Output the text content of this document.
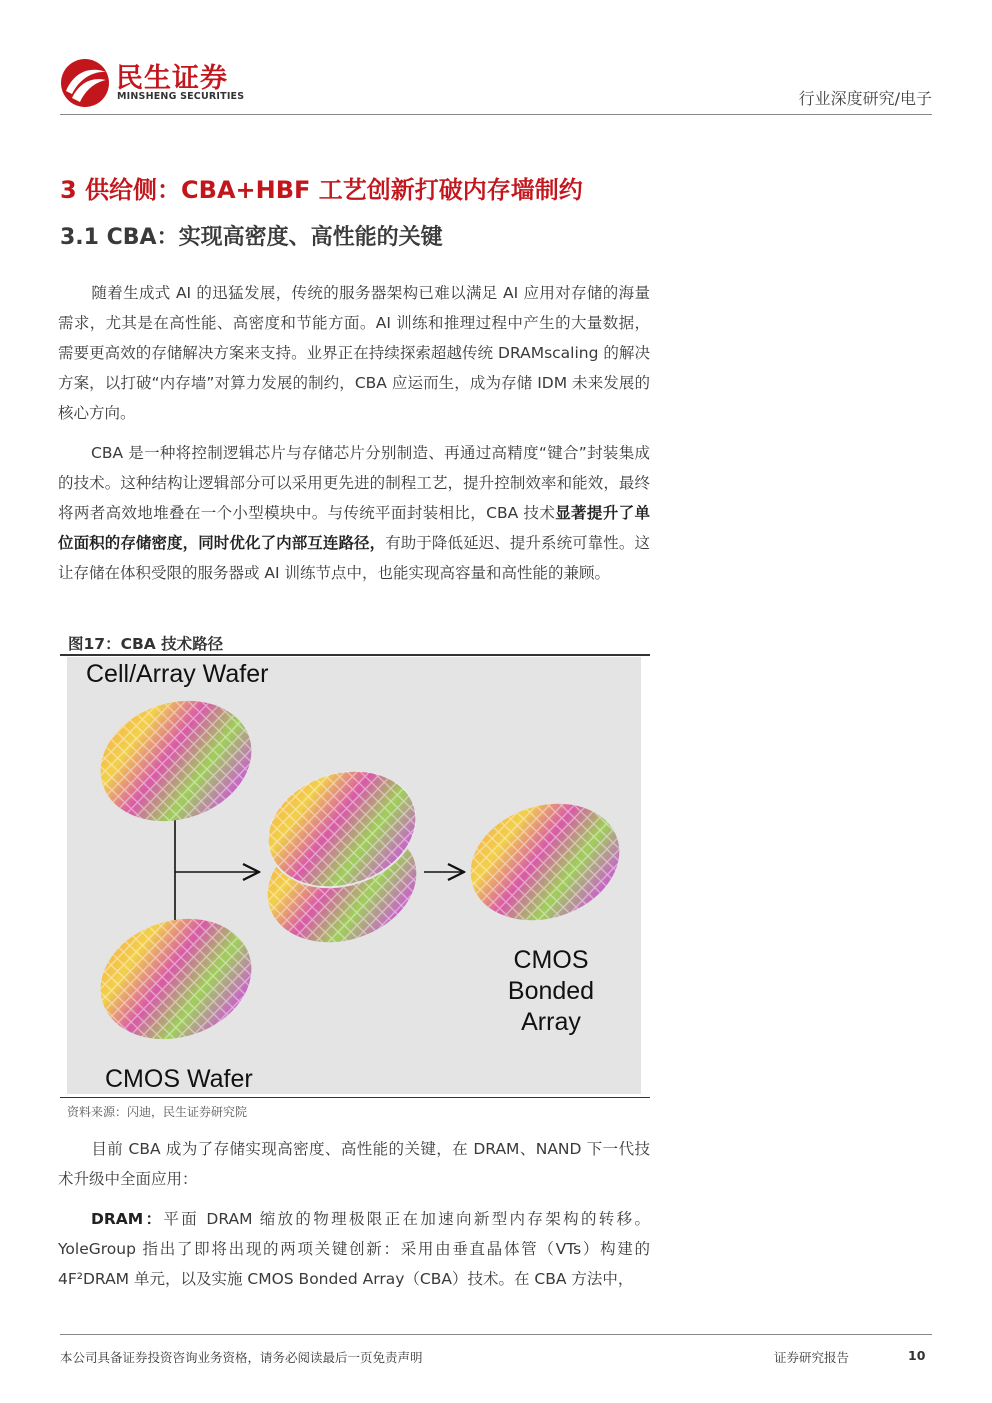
民生证券
MINSHENG SECURITIES	行业深度研究/电子
3 供给侧：CBA+HBF 工艺创新打破内存墙制约
3.1 CBA：实现高密度、高性能的关键
随着生成式 AI 的迅猛发展，传统的服务器架构已难以满足 AI 应用对存储的海量需求，尤其是在高性能、高密度和节能方面。AI 训练和推理过程中产生的大量数据，需要更高效的存储解决方案来支持。业界正在持续探索超越传统 DRAMscaling 的解决方案，以打破“内存墙”对算力发展的制约，CBA 应运而生，成为存储 IDM 未来发展的核心方向。
CBA 是一种将控制逻辑芯片与存储芯片分别制造、再通过高精度“键合”封装集成的技术。这种结构让逻辑部分可以采用更先进的制程工艺，提升控制效率和能效，最终将两者高效地堆叠在一个小型模块中。与传统平面封装相比，CBA 技术显著提升了单位面积的存储密度，同时优化了内部互连路径，有助于降低延迟、提升系统可靠性。这让存储在体积受限的服务器或 AI 训练节点中，也能实现高容量和高性能的兼顾。
图17：CBA 技术路径
Cell/Array Wafer
CMOS Wafer
CMOS
Bonded
Array
资料来源：闪迪，民生证券研究院
目前 CBA 成为了存储实现高密度、高性能的关键，在 DRAM、NAND 下一代技术升级中全面应用：
DRAM：平面 DRAM 缩放的物理极限正在加速向新型内存架构的转移。YoleGroup 指出了即将出现的两项关键创新：采用由垂直晶体管（VTs）构建的 4F²DRAM 单元，以及实施 CMOS Bonded Array（CBA）技术。在 CBA 方法中，
本公司具备证券投资咨询业务资格，请务必阅读最后一页免责声明	证券研究报告	10
